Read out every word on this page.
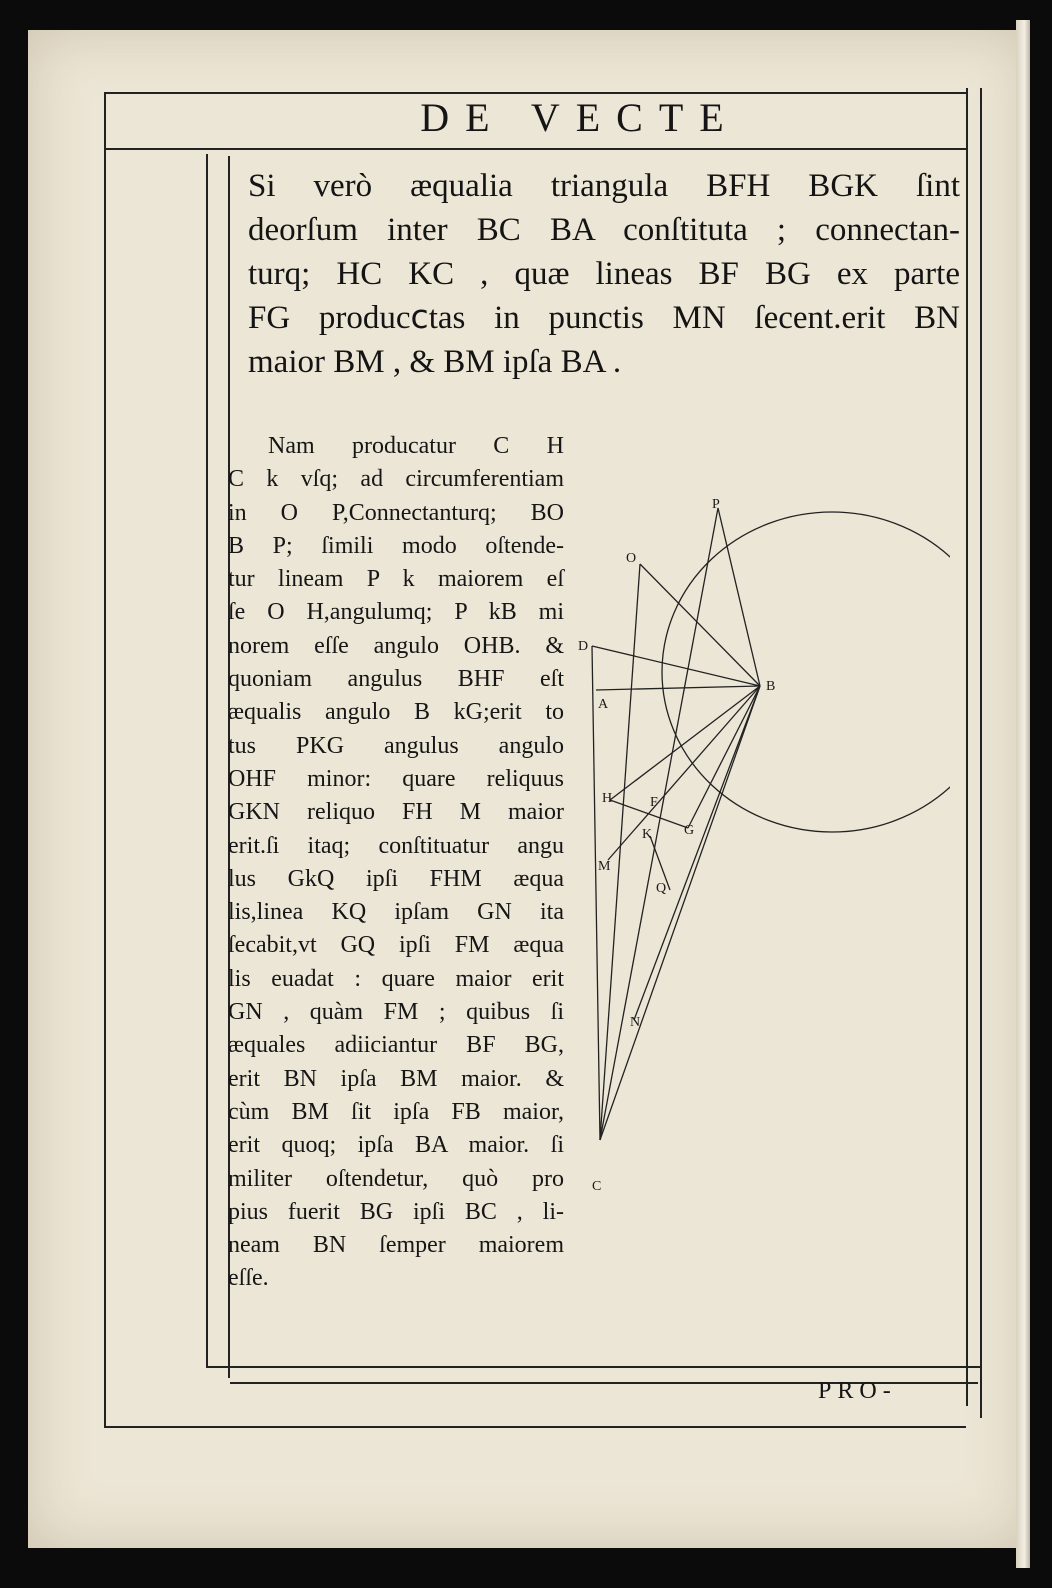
DE VECTE
Si verò æqualia triangula BFH BGK ſint
deorſum inter BC BA conſtituta ; connectan-
turq; HC KC , quæ lineas BF BG ex parte
FG producⅽtas in punctis MN ſecent.erit BN
maior BM , & BM ipſa BA .
Nam producatur C H
C k vſq; ad circumferentiam
in O P,Connectanturq; BO
B P; ſimili modo oſtende-
tur lineam P k maiorem eſ
ſe O H,angulumq; P kB mi
norem eſſe angulo OHB. &
quoniam angulus BHF eſt
æqualis angulo B kG;erit to
tus PKG angulus angulo
OHF minor: quare reliquus
GKN reliquo FH M maior
erit.ſi itaq; conſtituatur angu
lus GkQ ipſi FHM æqua
lis,linea KQ ipſam GN ita
ſecabit,vt GQ ipſi FM æqua
lis euadat : quare maior erit
GN , quàm FM ; quibus ſi
æquales adiiciantur BF BG,
erit BN ipſa BM maior. &
cùm BM ſit ipſa FB maior,
erit quoq; ipſa BA maior. ſi
militer oſtendetur, quò pro
pius fuerit BG ipſi BC , li-
neam BN ſemper maiorem
eſſe.
P
O
D
B
A
H	F
K G
M
Q
N
C
PRO-
